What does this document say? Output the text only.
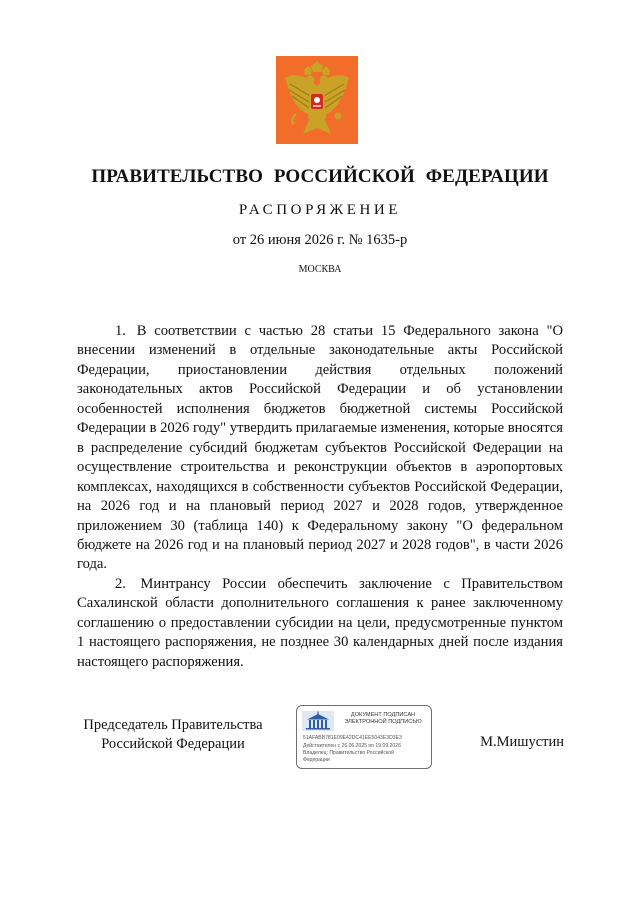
ПРАВИТЕЛЬСТВО РОССИЙСКОЙ ФЕДЕРАЦИИ
РАСПОРЯЖЕНИЕ
от 26 июня 2026 г. № 1635-р
МОСКВА

1. В соответствии с частью 28 статьи 15 Федерального закона "О внесении изменений в отдельные законодательные акты Российской Федерации, приостановлении действия отдельных положений законодательных актов Российской Федерации и об установлении особенностей исполнения бюджетов бюджетной системы Российской Федерации в 2026 году" утвердить прилагаемые изменения, которые вносятся в распределение субсидий бюджетам субъектов Российской Федерации на осуществление строительства и реконструкции объектов в аэропортовых комплексах, находящихся в собственности субъектов Российской Федерации, на 2026 год и на плановый период 2027 и 2028 годов, утвержденное приложением 30 (таблица 140) к Федеральному закону "О федеральном бюджете на 2026 год и на плановый период 2027 и 2028 годов", в части 2026 года.

2. Минтрансу России обеспечить заключение с Правительством Сахалинской области дополнительного соглашения к ранее заключенному соглашению о предоставлении субсидии на цели, предусмотренные пунктом 1 настоящего распоряжения, не позднее 30 календарных дней после издания настоящего распоряжения.

Председатель Правительства
Российской Федерации
ДОКУМЕНТ ПОДПИСАН
ЭЛЕКТРОННОЙ ПОДПИСЬЮ
51AFABB781E09E42DC41EE5043E3D3E3
Действителен с 26.06.2025 по 19.09.2026
Владелец: Правительство Российской
Федерации
М.Мишустин
